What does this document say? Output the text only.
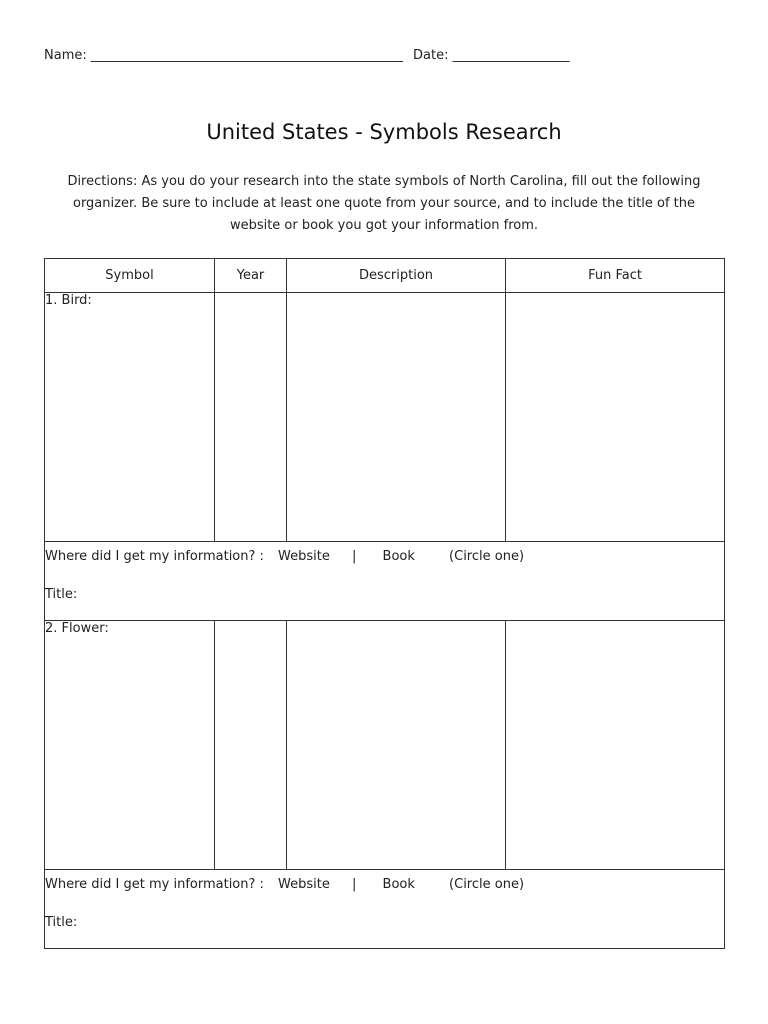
Name: ________________________________________________ Date: __________________
United States - Symbols Research
Directions: As you do your research into the state symbols of North Carolina, fill out the following organizer. Be sure to include at least one quote from your source, and to include the title of the website or book you got your information from.
Symbol	Year	Description	Fun Fact
1. Bird:			

Where did I get my information? : Website | Book (Circle one)
Title:			

2. Flower:			

Where did I get my information? : Website | Book (Circle one)
Title:			
